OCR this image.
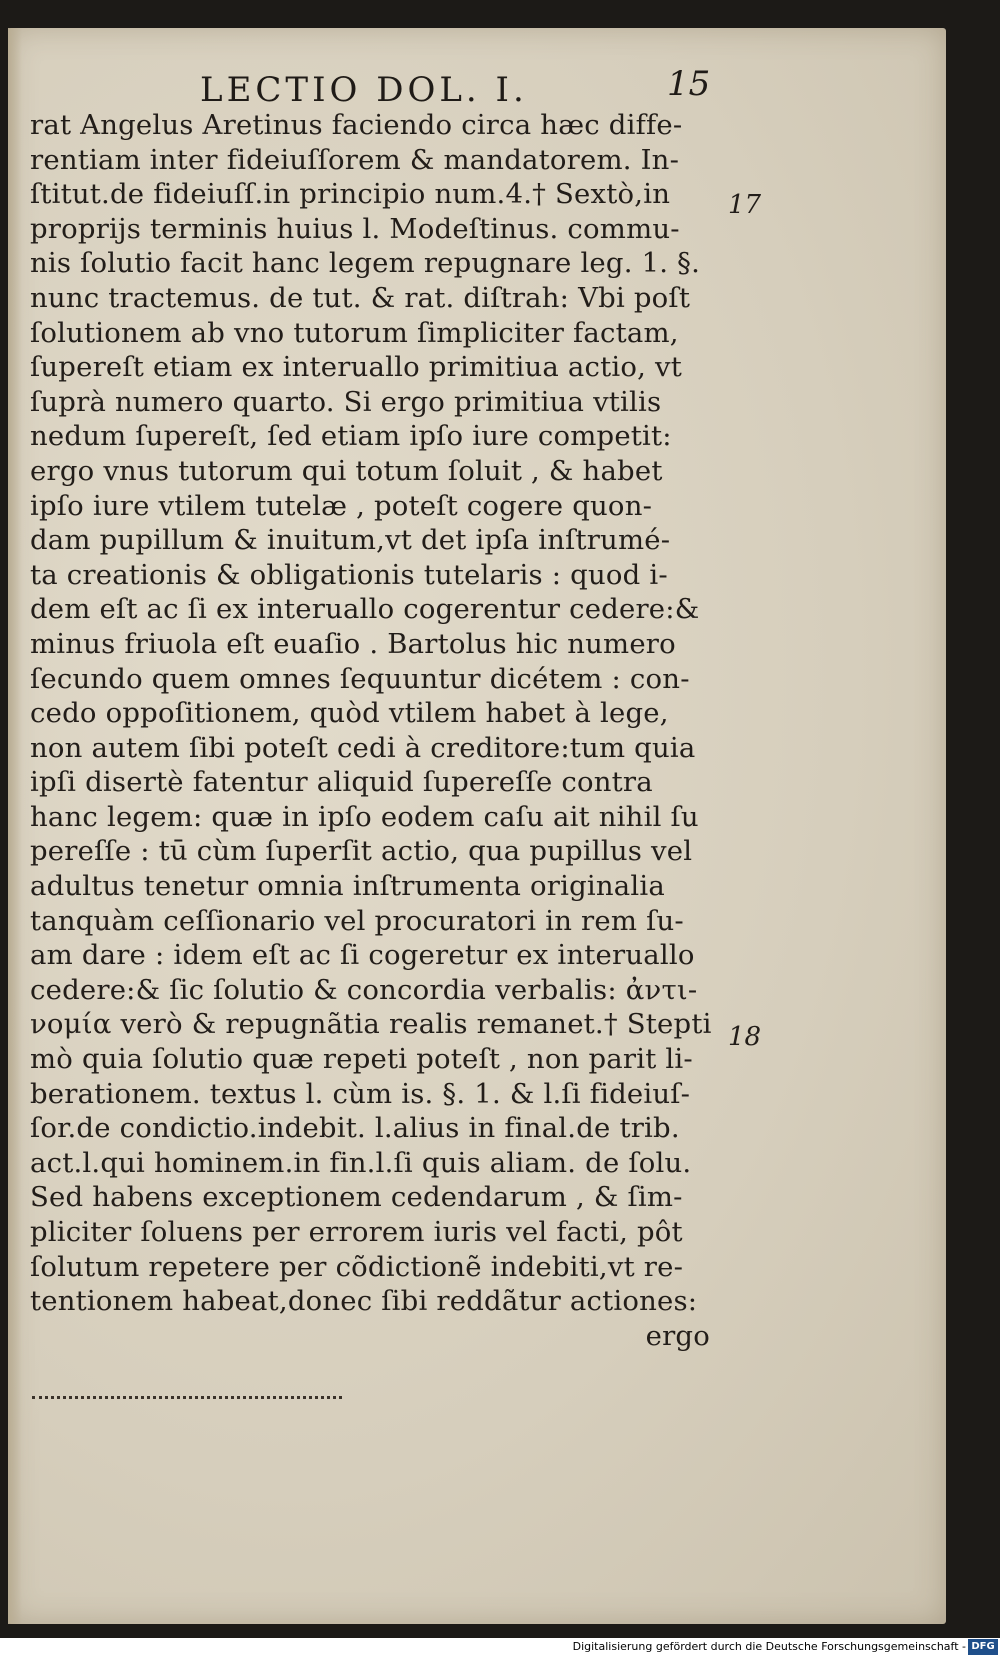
LECTIO DOL. I.	15
rat Angelus Aretinus faciendo circa hæc diffe-
rentiam inter fideiuſſorem & mandatorem. In-
ſtitut.de fideiuſſ.in principio num.4.† Sextò,in
proprijs terminis huius l. Modeſtinus. commu-
nis ſolutio facit hanc legem repugnare leg. 1. §.
nunc tractemus. de tut. & rat. diſtrah: Vbi poſt
ſolutionem ab vno tutorum ſimpliciter factam,
ſupereſt etiam ex interuallo primitiua actio, vt
ſuprà numero quarto. Si ergo primitiua vtilis
nedum ſupereſt, ſed etiam ipſo iure competit:
ergo vnus tutorum qui totum ſoluit , & habet
ipſo iure vtilem tutelæ , poteſt cogere quon-
dam pupillum & inuitum,vt det ipſa inſtrumé-
ta creationis & obligationis tutelaris : quod i-
dem eſt ac ſi ex interuallo cogerentur cedere:&
minus friuola eſt euaſio . Bartolus hic numero
ſecundo quem omnes ſequuntur dicétem : con-
cedo oppoſitionem, quòd vtilem habet à lege,
non autem ſibi poteſt cedi à creditore:tum quia
ipſi disertè fatentur aliquid ſupereſſe contra
hanc legem: quæ in ipſo eodem caſu ait nihil ſu
pereſſe : tū cùm ſuperſit actio, qua pupillus vel
adultus tenetur omnia inſtrumenta originalia
tanquàm ceſſionario vel procuratori in rem ſu-
am dare : idem eſt ac ſi cogeretur ex interuallo
cedere:& ſic ſolutio & concordia verbalis: ἀντι-
νομία verò & repugnãtia realis remanet.† Stepti
mò quia ſolutio quæ repeti poteſt , non parit li-
berationem. textus l. cùm is. §. 1. & l.ſi fideiuſ-
ſor.de condictio.indebit. l.alius in final.de trib.
act.l.qui hominem.in fin.l.ſi quis aliam. de ſolu.
Sed habens exceptionem cedendarum , & ſim-
pliciter ſoluens per errorem iuris vel facti, pôt
ſolutum repetere per cõdictionẽ indebiti,vt re-
tentionem habeat,donec ſibi reddãtur actiones:
ergo
17
18
Digitalisierung gefördert durch die Deutsche Forschungsgemeinschaft - DFG
